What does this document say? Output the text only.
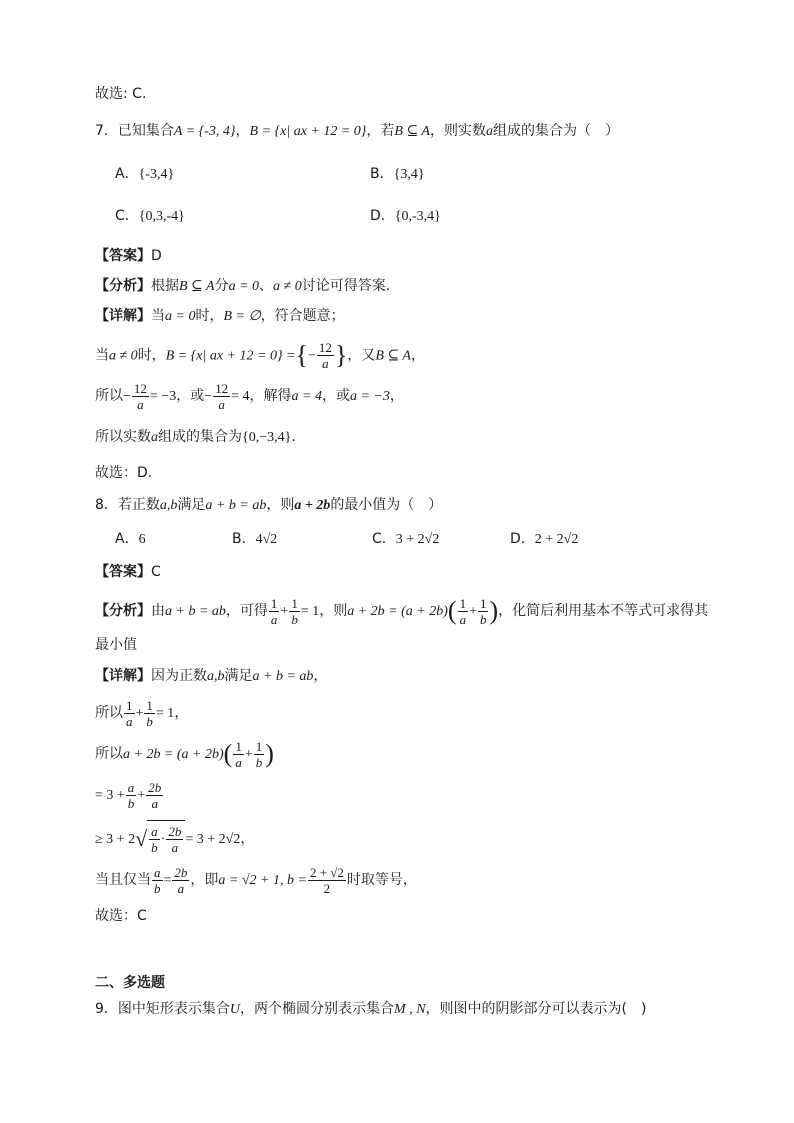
故选: C.
7．已知集合A = {-3, 4}，B = {x| ax + 12 = 0}，若B ⊆ A，则实数a组成的集合为（　）
A．{-3,4}	B．{3,4}
C．{0,3,-4}	D．{0,-3,4}
【答案】D
【分析】根据B ⊆ A分a = 0、a ≠ 0讨论可得答案.
【详解】当a = 0时，B = ∅，符合题意；
当a ≠ 0时，B = {x| ax + 12 = 0} ={− $\frac{12}{a}$ }，又B ⊆ A，
所以− $\frac{12}{a} = -3$，或− $\frac{12}{a} = 4$，解得a = 4，或a = −3，
所以实数a组成的集合为{0,−3,4}.
故选：D.
8．若正数a,b满足a + b = ab，则a + 2b的最小值为（　）
A．6	B．4√2	C．3 + 2√2	D．2 + 2√2
【答案】C
【分析】由a + b = ab，可得 $\frac{1}{a} + \frac{1}{b} = 1$，则$a + 2b = (a + 2b)( \frac{1}{a} + \frac{1}{b}$ )，化简后利用基本不等式可求得其
最小值
【详解】因为正数a,b满足a + b = ab，
所以 $\frac{1}{a} + \frac{1}{b} = 1$，
所以$a + 2b = (a + 2b)( \frac{1}{a} + \frac{1}{b}$ )
= $3 + \frac{a}{b} + \frac{2b}{a}$
≥ $3 + 2√ \frac{a}{b} \cdot \frac{2b}{a} = 3 + 2√2$，
当且仅当 $\frac{a}{b} = \frac{2b}{a}$ ，即a = √2 + 1, $b = \frac{2 + √2}{2}$ 时取等号，
故选：C
二、多选题
9．图中矩形表示集合U，两个椭圆分别表示集合M , N，则图中的阴影部分可以表示为(　)
